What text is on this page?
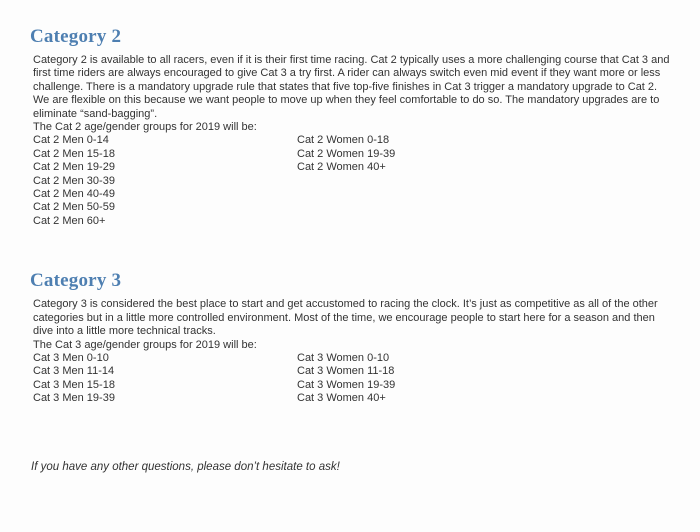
Category 2
Category 2 is available to all racers, even if it is their first time racing. Cat 2 typically uses a more challenging course that Cat 3 and first time riders are always encouraged to give Cat 3 a try first. A rider can always switch even mid event if they want more or less challenge. There is a mandatory upgrade rule that states that five top-five finishes in Cat 3 trigger a mandatory upgrade to Cat 2. We are flexible on this because we want people to move up when they feel comfortable to do so. The mandatory upgrades are to eliminate “sand-bagging”.
The Cat 2 age/gender groups for 2019 will be:
Cat 2 Men 0-14
Cat 2 Men 15-18
Cat 2 Men 19-29
Cat 2 Men 30-39
Cat 2 Men 40-49
Cat 2 Men 50-59
Cat 2 Men 60+
Cat 2 Women 0-18
Cat 2 Women 19-39
Cat 2 Women 40+
Category 3
Category 3 is considered the best place to start and get accustomed to racing the clock. It’s just as competitive as all of the other categories but in a little more controlled environment. Most of the time, we encourage people to start here for a season and then dive into a little more technical tracks.
The Cat 3 age/gender groups for 2019 will be:
Cat 3 Men 0-10
Cat 3 Men 11-14
Cat 3 Men 15-18
Cat 3 Men 19-39
Cat 3 Women 0-10
Cat 3 Women 11-18
Cat 3 Women 19-39
Cat 3 Women 40+
If you have any other questions, please don’t hesitate to ask!
